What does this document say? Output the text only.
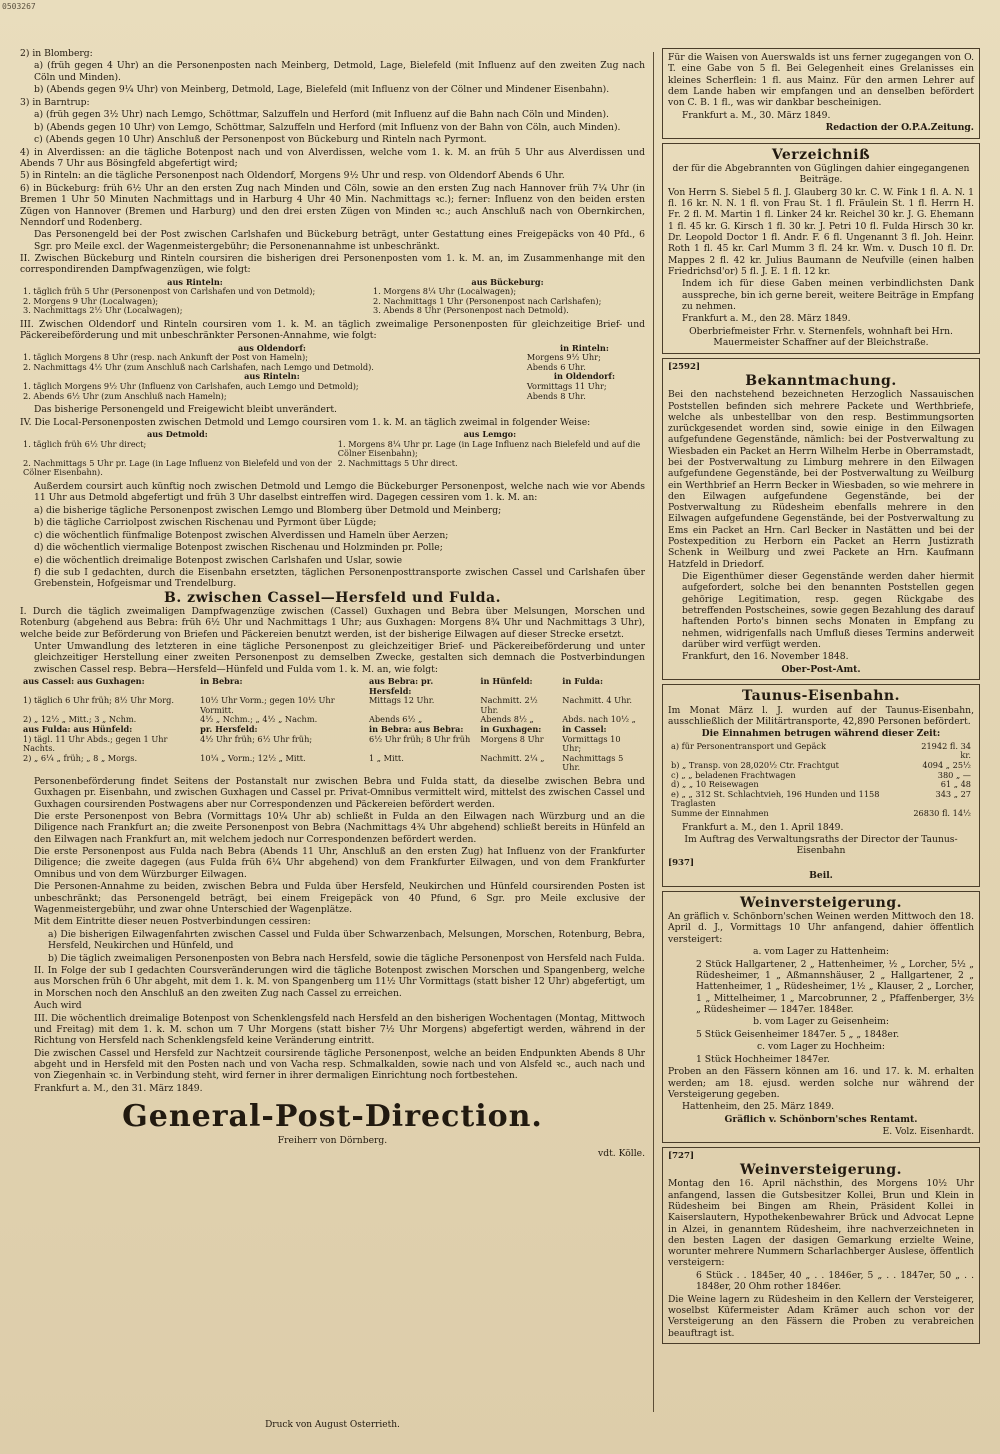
0503267

2) in Blomberg:

a) (früh gegen 4 Uhr) an die Personenposten nach Meinberg, Detmold, Lage, Bielefeld (mit Influenz auf den zweiten Zug nach Cöln und Minden).

b) (Abends gegen 9¼ Uhr) von Meinberg, Detmold, Lage, Bielefeld (mit Influenz von der Cölner und Mindener Eisenbahn).

3) in Barntrup:

a) (früh gegen 3½ Uhr) nach Lemgo, Schöttmar, Salzuffeln und Herford (mit Influenz auf die Bahn nach Cöln und Minden).

b) (Abends gegen 10 Uhr) von Lemgo, Schöttmar, Salzuffeln und Herford (mit Influenz von der Bahn von Cöln, auch Minden).

c) (Abends gegen 10 Uhr) Anschluß der Personenpost von Bückeburg und Rinteln nach Pyrmont.

4) in Alverdissen: an die tägliche Botenpost nach und von Alverdissen, welche vom 1. k. M. an früh 5 Uhr aus Alverdissen und Abends 7 Uhr aus Bösingfeld abgefertigt wird;

5) in Rinteln: an die tägliche Personenpost nach Oldendorf, Morgens 9½ Uhr und resp. von Oldendorf Abends 6 Uhr.

6) in Bückeburg: früh 6½ Uhr an den ersten Zug nach Minden und Cöln, sowie an den ersten Zug nach Hannover früh 7¼ Uhr (in Bremen 1 Uhr 50 Minuten Nachmittags und in Harburg 4 Uhr 40 Min. Nachmittags ꝛc.); ferner: Influenz von den beiden ersten Zügen von Hannover (Bremen und Harburg) und den drei ersten Zügen von Minden ꝛc.; auch Anschluß nach von Obernkirchen, Nenndorf und Rodenberg.

Das Personengeld bei der Post zwischen Carlshafen und Bückeburg beträgt, unter Gestattung eines Freigepäcks von 40 Pfd., 6 Sgr. pro Meile excl. der Wagenmeistergebühr; die Personenannahme ist unbeschränkt.

II. Zwischen Bückeburg und Rinteln coursiren die bisherigen drei Personenposten vom 1. k. M. an, im Zusammenhange mit den correspondirenden Dampfwagenzügen, wie folgt:

aus Rinteln:	aus Bückeburg:
1. täglich früh 5 Uhr (Personenpost von Carlshafen und von Detmold);	1. Morgens 8¼ Uhr (Localwagen);
2. Morgens 9 Uhr (Localwagen);	2. Nachmittags 1 Uhr (Personenpost nach Carlshafen);
3. Nachmittags 2½ Uhr (Localwagen);	3. Abends 8 Uhr (Personenpost nach Detmold).

III. Zwischen Oldendorf und Rinteln coursiren vom 1. k. M. an täglich zweimalige Personenposten für gleichzeitige Brief- und Päckereibeförderung und mit unbeschränkter Personen-Annahme, wie folgt:

aus Oldendorf:	in Rinteln:
1. täglich Morgens 8 Uhr (resp. nach Ankunft der Post von Hameln);	Morgens 9½ Uhr;
2. Nachmittags 4½ Uhr (zum Anschluß nach Carlshafen, nach Lemgo und Detmold).	Abends 6 Uhr.
aus Rinteln:	in Oldendorf:
1. täglich Morgens 9½ Uhr (Influenz von Carlshafen, auch Lemgo und Detmold);	Vormittags 11 Uhr;
2. Abends 6½ Uhr (zum Anschluß nach Hameln);	Abends 8 Uhr.

Das bisherige Personengeld und Freigewicht bleibt unverändert.

IV. Die Local-Personenposten zwischen Detmold und Lemgo coursiren vom 1. k. M. an täglich zweimal in folgender Weise:

aus Detmold:	aus Lemgo:
1. täglich früh 6½ Uhr direct;	1. Morgens 8¼ Uhr pr. Lage (in Lage Influenz nach Bielefeld und auf die Cölner Eisenbahn);
2. Nachmittags 5 Uhr pr. Lage (in Lage Influenz von Bielefeld und von der Cölner Eisenbahn).	2. Nachmittags 5 Uhr direct.

Außerdem coursirt auch künftig noch zwischen Detmold und Lemgo die Bückeburger Personenpost, welche nach wie vor Abends 11 Uhr aus Detmold abgefertigt und früh 3 Uhr daselbst eintreffen wird. Dagegen cessiren vom 1. k. M. an:

a) die bisherige tägliche Personenpost zwischen Lemgo und Blomberg über Detmold und Meinberg;

b) die tägliche Carriolpost zwischen Rischenau und Pyrmont über Lügde;

c) die wöchentlich fünfmalige Botenpost zwischen Alverdissen und Hameln über Aerzen;

d) die wöchentlich viermalige Botenpost zwischen Rischenau und Holzminden pr. Polle;

e) die wöchentlich dreimalige Botenpost zwischen Carlshafen und Uslar, sowie

f) die sub I gedachten, durch die Eisenbahn ersetzten, täglichen Personenposttransporte zwischen Cassel und Carlshafen über Grebenstein, Hofgeismar und Trendelburg.

B. zwischen Cassel—Hersfeld und Fulda.

I. Durch die täglich zweimaligen Dampfwagenzüge zwischen (Cassel) Guxhagen und Bebra über Melsungen, Morschen und Rotenburg (abgehend aus Bebra: früh 6½ Uhr und Nachmittags 1 Uhr; aus Guxhagen: Morgens 8¾ Uhr und Nachmittags 3 Uhr), welche beide zur Beförderung von Briefen und Päckereien benutzt werden, ist der bisherige Eilwagen auf dieser Strecke ersetzt.

Unter Umwandlung des letzteren in eine tägliche Personenpost zu gleichzeitiger Brief- und Päckereibeförderung und unter gleichzeitiger Herstellung einer zweiten Personenpost zu demselben Zwecke, gestalten sich demnach die Postverbindungen zwischen Cassel resp. Bebra—Hersfeld—Hünfeld und Fulda vom 1. k. M. an, wie folgt:

aus Cassel: aus Guxhagen:	in Bebra:	aus Bebra: pr. Hersfeld:	in Hünfeld:	in Fulda:
1) täglich 6 Uhr früh; 8½ Uhr Morg.	10½ Uhr Vorm.; gegen 10½ Uhr Vormitt.	Mittags 12 Uhr.	Nachmitt. 2½ Uhr.	Nachmitt. 4 Uhr.
2) „ 12½ „ Mitt.; 3 „ Nchm.	4½ „ Nchm.; „ 4½ „ Nachm.	Abends 6½ „	Abends 8½ „	Abds. nach 10½ „
aus Fulda: aus Hünfeld:	pr. Hersfeld:	in Bebra: aus Bebra:	in Guxhagen:	in Cassel:
1) tägl. 11 Uhr Abds.; gegen 1 Uhr Nachts.	4½ Uhr früh; 6½ Uhr früh;	6½ Uhr früh; 8 Uhr früh	Morgens 8 Uhr	Vormittags 10 Uhr;
2) „ 6¼ „ früh; „ 8 „ Morgs.	10¼ „ Vorm.; 12½ „ Mitt.	1 „ Mitt.	Nachmitt. 2¼ „	Nachmittags 5 Uhr.

Personenbeförderung findet Seitens der Postanstalt nur zwischen Bebra und Fulda statt, da dieselbe zwischen Bebra und Guxhagen pr. Eisenbahn, und zwischen Guxhagen und Cassel pr. Privat-Omnibus vermittelt wird, mittelst des zwischen Cassel und Guxhagen coursirenden Postwagens aber nur Correspondenzen und Päckereien befördert werden.

Die erste Personenpost von Bebra (Vormittags 10¼ Uhr ab) schließt in Fulda an den Eilwagen nach Würzburg und an die Diligence nach Frankfurt an; die zweite Personenpost von Bebra (Nachmittags 4¾ Uhr abgehend) schließt bereits in Hünfeld an den Eilwagen nach Frankfurt an, mit welchem jedoch nur Correspondenzen befördert werden.

Die erste Personenpost aus Fulda nach Bebra (Abends 11 Uhr, Anschluß an den ersten Zug) hat Influenz von der Frankfurter Diligence; die zweite dagegen (aus Fulda früh 6¼ Uhr abgehend) von dem Frankfurter Eilwagen, und von dem Frankfurter Omnibus und von dem Würzburger Eilwagen.

Die Personen-Annahme zu beiden, zwischen Bebra und Fulda über Hersfeld, Neukirchen und Hünfeld coursirenden Posten ist unbeschränkt; das Personengeld beträgt, bei einem Freigepäck von 40 Pfund, 6 Sgr. pro Meile exclusive der Wagenmeistergebühr, und zwar ohne Unterschied der Wagenplätze.

Mit dem Eintritte dieser neuen Postverbindungen cessiren:

a) Die bisherigen Eilwagenfahrten zwischen Cassel und Fulda über Schwarzenbach, Melsungen, Morschen, Rotenburg, Bebra, Hersfeld, Neukirchen und Hünfeld, und

b) Die täglich zweimaligen Personenposten von Bebra nach Hersfeld, sowie die tägliche Personenpost von Hersfeld nach Fulda.

II. In Folge der sub I gedachten Coursveränderungen wird die tägliche Botenpost zwischen Morschen und Spangenberg, welche aus Morschen früh 6 Uhr abgeht, mit dem 1. k. M. von Spangenberg um 11½ Uhr Vormittags (statt bisher 12 Uhr) abgefertigt, um in Morschen noch den Anschluß an den zweiten Zug nach Cassel zu erreichen.

Auch wird

III. Die wöchentlich dreimalige Botenpost von Schenklengsfeld nach Hersfeld an den bisherigen Wochentagen (Montag, Mittwoch und Freitag) mit dem 1. k. M. schon um 7 Uhr Morgens (statt bisher 7½ Uhr Morgens) abgefertigt werden, während in der Richtung von Hersfeld nach Schenklengsfeld keine Veränderung eintritt.

Die zwischen Cassel und Hersfeld zur Nachtzeit coursirende tägliche Personenpost, welche an beiden Endpunkten Abends 8 Uhr abgeht und in Hersfeld mit den Posten nach und von Vacha resp. Schmalkalden, sowie nach und von Alsfeld ꝛc., auch nach und von Ziegenhain ꝛc. in Verbindung steht, wird ferner in ihrer dermaligen Einrichtung noch fortbestehen.

Frankfurt a. M., den 31. März 1849.

General-Post-Direction.

Freiherr von Dörnberg.

vdt. Kölle.

Druck von August Osterrieth.

Für die Waisen von Auerswalds ist uns ferner zugegangen von O. T. eine Gabe von 5 fl. Bei Gelegenheit eines Grelanisses ein kleines Scherflein: 1 fl. aus Mainz. Für den armen Lehrer auf dem Lande haben wir empfangen und an denselben befördert von C. B. 1 fl., was wir dankbar bescheinigen.

Frankfurt a. M., 30. März 1849.

Redaction der O.P.A.Zeitung.

Verzeichniß

der für die Abgebrannten von Güglingen dahier eingegangenen Beiträge.

Von Herrn S. Siebel 5 fl. J. Glauberg 30 kr. C. W. Fink 1 fl. A. N. 1 fl. 16 kr. N. N. 1 fl. von Frau St. 1 fl. Fräulein St. 1 fl. Herrn H. Fr. 2 fl. M. Martin 1 fl. Linker 24 kr. Reichel 30 kr. J. G. Ehemann 1 fl. 45 kr. G. Kirsch 1 fl. 30 kr. J. Petri 10 fl. Fulda Hirsch 30 kr. Dr. Leopold Doctor 1 fl. Andr. F. 6 fl. Ungenannt 3 fl. Joh. Heinr. Roth 1 fl. 45 kr. Carl Mumm 3 fl. 24 kr. Wm. v. Dusch 10 fl. Dr. Mappes 2 fl. 42 kr. Julius Baumann de Neufville (einen halben Friedrichsd'or) 5 fl. J. E. 1 fl. 12 kr.

Indem ich für diese Gaben meinen verbindlichsten Dank ausspreche, bin ich gerne bereit, weitere Beiträge in Empfang zu nehmen.

Frankfurt a. M., den 28. März 1849.

Oberbriefmeister Frhr. v. Sternenfels, wohnhaft bei Hrn. Mauermeister Schaffner auf der Bleichstraße.

[2592]

Bekanntmachung.

Bei den nachstehend bezeichneten Herzoglich Nassauischen Poststellen befinden sich mehrere Packete und Werthbriefe, welche als unbestellbar von den resp. Bestimmungsorten zurückgesendet worden sind, sowie einige in den Eilwagen aufgefundene Gegenstände, nämlich: bei der Postverwaltung zu Wiesbaden ein Packet an Herrn Wilhelm Herbe in Oberramstadt, bei der Postverwaltung zu Limburg mehrere in den Eilwagen aufgefundene Gegenstände, bei der Postverwaltung zu Weilburg ein Werthbrief an Herrn Becker in Wiesbaden, so wie mehrere in den Eilwagen aufgefundene Gegenstände, bei der Postverwaltung zu Rüdesheim ebenfalls mehrere in den Eilwagen aufgefundene Gegenstände, bei der Postverwaltung zu Ems ein Packet an Hrn. Carl Becker in Nastätten und bei der Postexpedition zu Herborn ein Packet an Herrn Justizrath Schenk in Weilburg und zwei Packete an Hrn. Kaufmann Hatzfeld in Driedorf.

Die Eigenthümer dieser Gegenstände werden daher hiermit aufgefordert, solche bei den benannten Poststellen gegen gehörige Legitimation, resp. gegen Rückgabe des betreffenden Postscheines, sowie gegen Bezahlung des darauf haftenden Porto's binnen sechs Monaten in Empfang zu nehmen, widrigenfalls nach Umfluß dieses Termins anderweit darüber wird verfügt werden.

Frankfurt, den 16. November 1848.

Ober-Post-Amt.

Taunus-Eisenbahn.

Im Monat März l. J. wurden auf der Taunus-Eisenbahn, ausschließlich der Militärtransporte, 42,890 Personen befördert.

Die Einnahmen betrugen während dieser Zeit:

a) für Personentransport und Gepäck	21942 fl. 34 kr.
b) „ Transp. von 28,020½ Ctr. Frachtgut	4094 „ 25½
c) „ „ beladenen Frachtwagen	380 „ —
d) „ „ 10 Reisewagen	61 „ 48
e) „ „ 312 St. Schlachtvieh, 196 Hunden und 1158 Traglasten	343 „ 27
Summe der Einnahmen	26830 fl. 14½

Frankfurt a. M., den 1. April 1849.

Im Auftrag des Verwaltungsraths der Director der Taunus-Eisenbahn

[937]

Beil.

Weinversteigerung.

An gräflich v. Schönborn'schen Weinen werden Mittwoch den 18. April d. J., Vormittags 10 Uhr anfangend, dahier öffentlich versteigert:

a. vom Lager zu Hattenheim:

2 Stück Hallgartener, 2 „ Hattenheimer, ½ „ Lorcher, 5½ „ Rüdesheimer, 1 „ Aßmannshäuser, 2 „ Hallgartener, 2 „ Hattenheimer, 1 „ Rüdesheimer, 1½ „ Klauser, 2 „ Lorcher, 1 „ Mittelheimer, 1 „ Marcobrunner, 2 „ Pfaffenberger, 3½ „ Rüdesheimer — 1847er. 1848er.

b. vom Lager zu Geisenheim:

5 Stück Geisenheimer 1847er. 5 „ „ 1848er.

c. vom Lager zu Hochheim:

1 Stück Hochheimer 1847er.

Proben an den Fässern können am 16. und 17. k. M. erhalten werden; am 18. ejusd. werden solche nur während der Versteigerung gegeben.

Hattenheim, den 25. März 1849.

Gräflich v. Schönborn'sches Rentamt.

E. Volz. Eisenhardt.

[727]

Weinversteigerung.

Montag den 16. April nächsthin, des Morgens 10½ Uhr anfangend, lassen die Gutsbesitzer Kollei, Brun und Klein in Rüdesheim bei Bingen am Rhein, Präsident Kollei in Kaiserslautern, Hypothekenbewahrer Brück und Advocat Lepne in Alzei, in genanntem Rüdesheim, ihre nachverzeichneten in den besten Lagen der dasigen Gemarkung erzielte Weine, worunter mehrere Nummern Scharlachberger Auslese, öffentlich versteigern:

6 Stück . . 1845er, 40 „ . . 1846er, 5 „ . . 1847er, 50 „ . . 1848er, 20 Ohm rother 1846er.

Die Weine lagern zu Rüdesheim in den Kellern der Versteigerer, woselbst Küfermeister Adam Krämer auch schon vor der Versteigerung an den Fässern die Proben zu verabreichen beauftragt ist.
